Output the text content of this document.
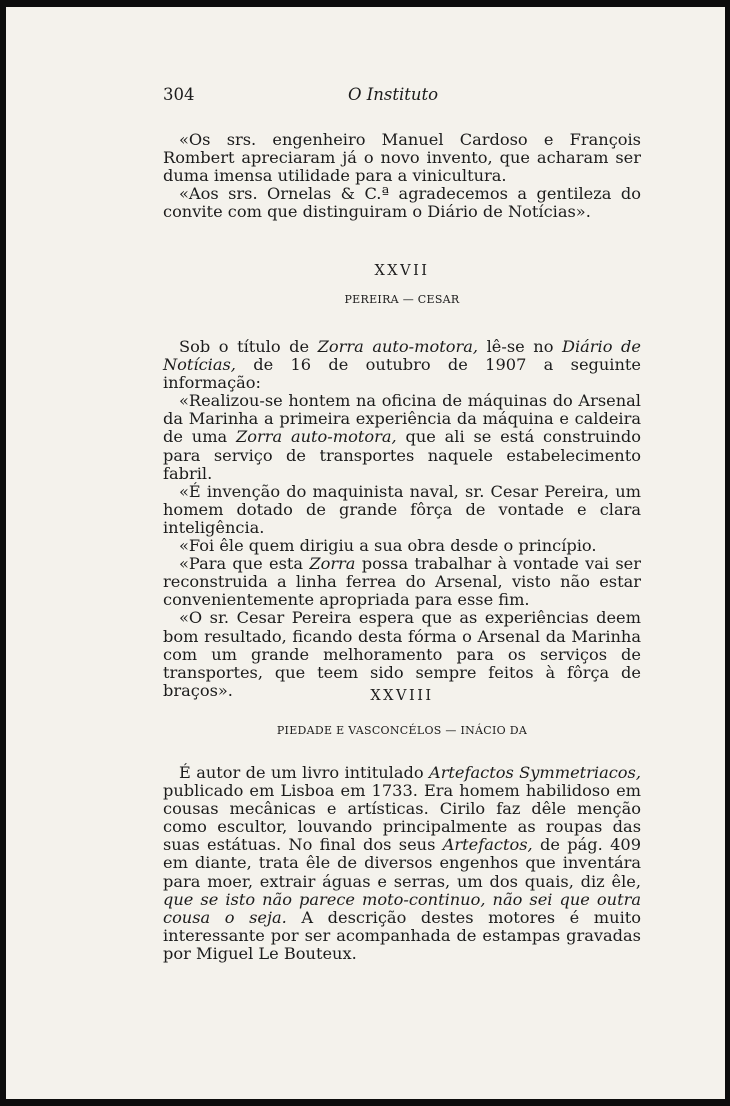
304	O Instituto

«Os srs. engenheiro Manuel Cardoso e François Rombert apreciaram já o novo invento, que acharam ser duma imensa utilidade para a vinicultura.

«Aos srs. Ornelas & C.ª agradecemos a gentileza do convite com que distinguiram o Diário de Notícias».

XXVII
PEREIRA — CESAR

Sob o título de Zorra auto-motora, lê-se no Diário de Notícias, de 16 de outubro de 1907 a seguinte informação:

«Realizou-se hontem na oficina de máquinas do Arsenal da Marinha a primeira experiência da máquina e caldeira de uma Zorra auto-motora, que ali se está construindo para serviço de transportes naquele estabelecimento fabril.

«É invenção do maquinista naval, sr. Cesar Pereira, um homem dotado de grande fôrça de vontade e clara inteligência.

«Foi êle quem dirigiu a sua obra desde o princípio.

«Para que esta Zorra possa trabalhar à vontade vai ser reconstruida a linha ferrea do Arsenal, visto não estar convenientemente apropriada para esse fim.

«O sr. Cesar Pereira espera que as experiências deem bom resultado, ficando desta fórma o Arsenal da Marinha com um grande melhoramento para os serviços de transportes, que teem sido sempre feitos à fôrça de braços».	XXVIII
PIEDADE E VASCONCÉLOS — INÁCIO DA

É autor de um livro intitulado Artefactos Symmetriacos, publicado em Lisboa em 1733. Era homem habilidoso em cousas mecânicas e artísticas. Cirilo faz dêle menção como escultor, louvando principalmente as roupas das suas estátuas. No final dos seus Artefactos, de pág. 409 em diante, trata êle de diversos engenhos que inventára para moer, extrair águas e serras, um dos quais, diz êle, que se isto não parece moto-continuo, não sei que outra cousa o seja. A descrição destes motores é muito interessante por ser acompanhada de estampas gravadas por Miguel Le Bouteux.
